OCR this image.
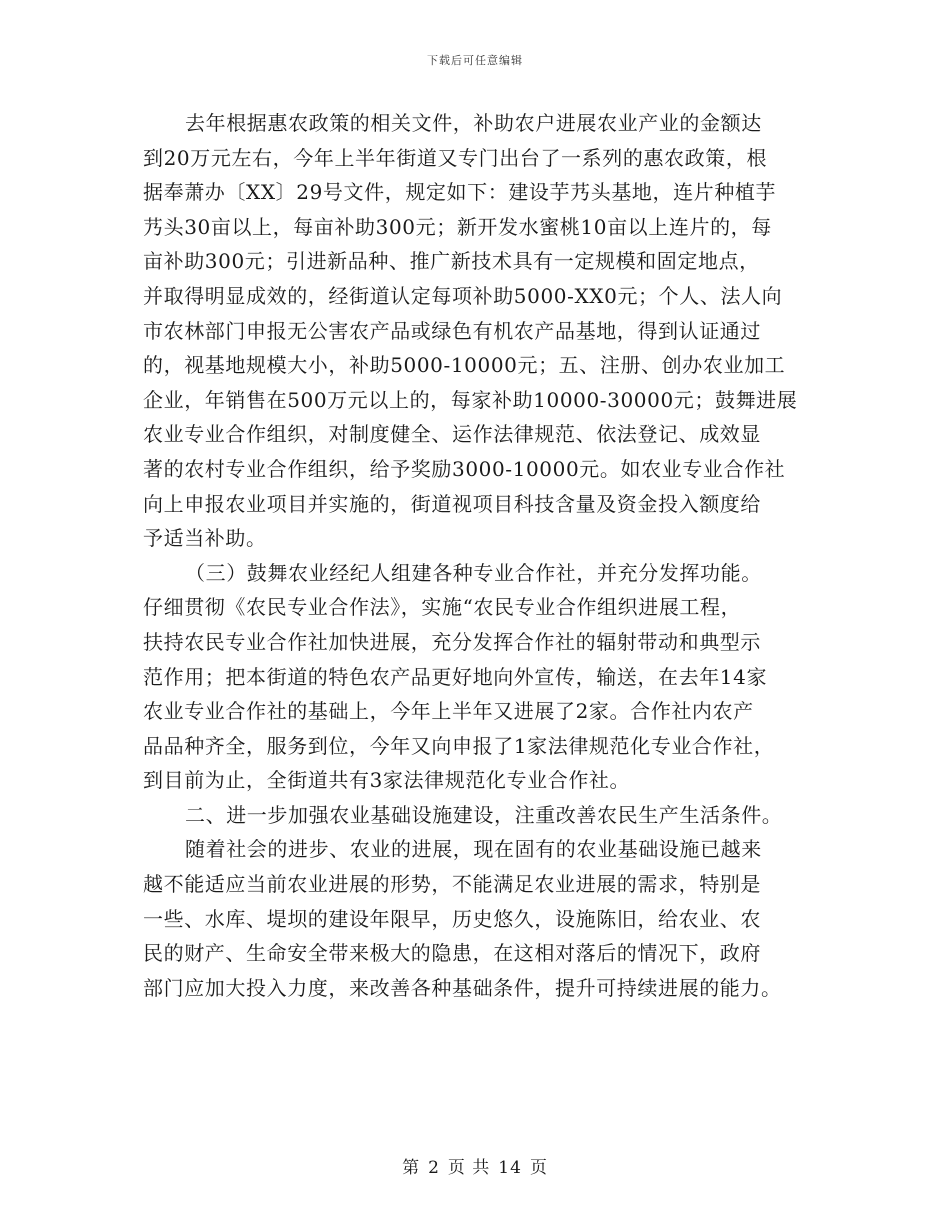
下载后可任意编辑
去年根据惠农政策的相关文件，补助农户进展农业产业的金额达
到20万元左右，今年上半年街道又专门出台了一系列的惠农政策，根
据奉萧办〔XX〕29号文件，规定如下：建设芋艿头基地，连片种植芋
艿头30亩以上，每亩补助300元；新开发水蜜桃10亩以上连片的，每
亩补助300元；引进新品种、推广新技术具有一定规模和固定地点，
并取得明显成效的，经街道认定每项补助5000-XX0元；个人、法人向
市农林部门申报无公害农产品或绿色有机农产品基地，得到认证通过
的，视基地规模大小，补助5000-10000元；五、注册、创办农业加工
企业，年销售在500万元以上的，每家补助10000-30000元；鼓舞进展
农业专业合作组织，对制度健全、运作法律规范、依法登记、成效显
著的农村专业合作组织，给予奖励3000-10000元。如农业专业合作社
向上申报农业项目并实施的，街道视项目科技含量及资金投入额度给
予适当补助。
（三）鼓舞农业经纪人组建各种专业合作社，并充分发挥功能。
仔细贯彻《农民专业合作法》，实施“农民专业合作组织进展工程，
扶持农民专业合作社加快进展，充分发挥合作社的辐射带动和典型示
范作用；把本街道的特色农产品更好地向外宣传，输送，在去年14家
农业专业合作社的基础上，今年上半年又进展了2家。合作社内农产
品品种齐全，服务到位，今年又向申报了1家法律规范化专业合作社，
到目前为止，全街道共有3家法律规范化专业合作社。
二、进一步加强农业基础设施建设，注重改善农民生产生活条件。
随着社会的进步、农业的进展，现在固有的农业基础设施已越来
越不能适应当前农业进展的形势，不能满足农业进展的需求，特别是
一些、水库、堤坝的建设年限早，历史悠久，设施陈旧，给农业、农
民的财产、生命安全带来极大的隐患，在这相对落后的情况下，政府
部门应加大投入力度，来改善各种基础条件，提升可持续进展的能力。
第 2 页 共 14 页
